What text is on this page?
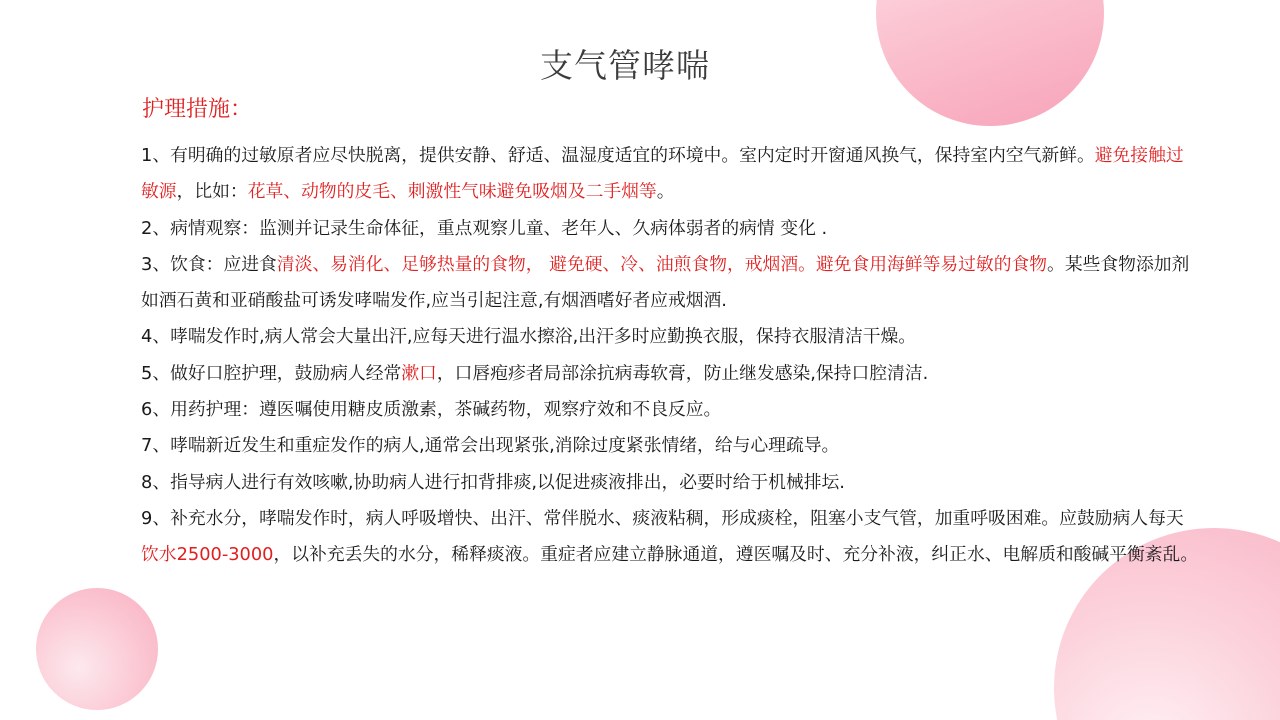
支气管哮喘
护理措施：

1、有明确的过敏原者应尽快脱离，提供安静、舒适、温湿度适宜的环境中。室内定时开窗通风换气，保持室内空气新鲜。避免接触过敏源，比如：花草、动物的皮毛、刺激性气味避免吸烟及二手烟等。

2、病情观察：监测并记录生命体征，重点观察儿童、老年人、久病体弱者的病情 变化 .

3、饮食：应进食清淡、易消化、足够热量的食物， 避免硬、冷、油煎食物，戒烟酒。避免食用海鲜等易过敏的食物。某些食物添加剂如酒石黄和亚硝酸盐可诱发哮喘发作,应当引起注意,有烟酒嗜好者应戒烟酒.

4、哮喘发作时,病人常会大量出汗,应每天进行温水擦浴,出汗多时应勤换衣服，保持衣服清洁干燥。

5、做好口腔护理，鼓励病人经常漱口，口唇疱疹者局部涂抗病毒软膏，防止继发感染,保持口腔清洁.

6、用药护理：遵医嘱使用糖皮质激素，茶碱药物，观察疗效和不良反应。

7、哮喘新近发生和重症发作的病人,通常会出现紧张,消除过度紧张情绪，给与心理疏导。

8、指导病人进行有效咳嗽,协助病人进行扣背排痰,以促进痰液排出，必要时给于机械排坛.

9、补充水分，哮喘发作时，病人呼吸增快、出汗、常伴脱水、痰液粘稠，形成痰栓，阻塞小支气管，加重呼吸困难。应鼓励病人每天饮水2500-3000，以补充丢失的水分，稀释痰液。重症者应建立静脉通道，遵医嘱及时、充分补液，纠正水、电解质和酸碱平衡紊乱。
